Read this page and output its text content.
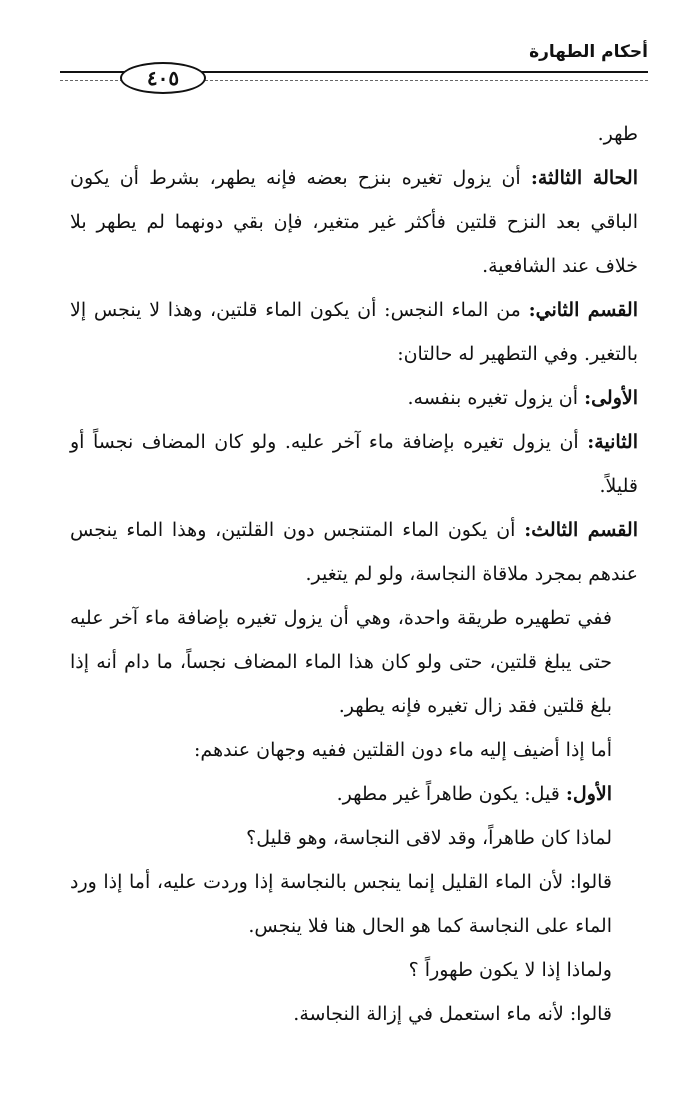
أحكام الطهارة
٤٠٥

طهر.

الحالة الثالثة: أن يزول تغيره بنزح بعضه فإنه يطهر، بشرط أن يكون الباقي بعد النزح قلتين فأكثر غير متغير، فإن بقي دونهما لم يطهر بلا خلاف عند الشافعية.

القسم الثاني: من الماء النجس: أن يكون الماء قلتين، وهذا لا ينجس إلا بالتغير. وفي التطهير له حالتان:

الأولى: أن يزول تغيره بنفسه.

الثانية: أن يزول تغيره بإضافة ماء آخر عليه. ولو كان المضاف نجساً أو قليلاً.

القسم الثالث: أن يكون الماء المتنجس دون القلتين، وهذا الماء ينجس عندهم بمجرد ملاقاة النجاسة، ولو لم يتغير.

ففي تطهيره طريقة واحدة، وهي أن يزول تغيره بإضافة ماء آخر عليه حتى يبلغ قلتين، حتى ولو كان هذا الماء المضاف نجساً، ما دام أنه إذا بلغ قلتين فقد زال تغيره فإنه يطهر.

أما إذا أضيف إليه ماء دون القلتين ففيه وجهان عندهم:

الأول: قيل: يكون طاهراً غير مطهر.

لماذا كان طاهراً، وقد لاقى النجاسة، وهو قليل؟

قالوا: لأن الماء القليل إنما ينجس بالنجاسة إذا وردت عليه، أما إذا ورد الماء على النجاسة كما هو الحال هنا فلا ينجس.

ولماذا إذا لا يكون طهوراً ؟

قالوا: لأنه ماء استعمل في إزالة النجاسة.
